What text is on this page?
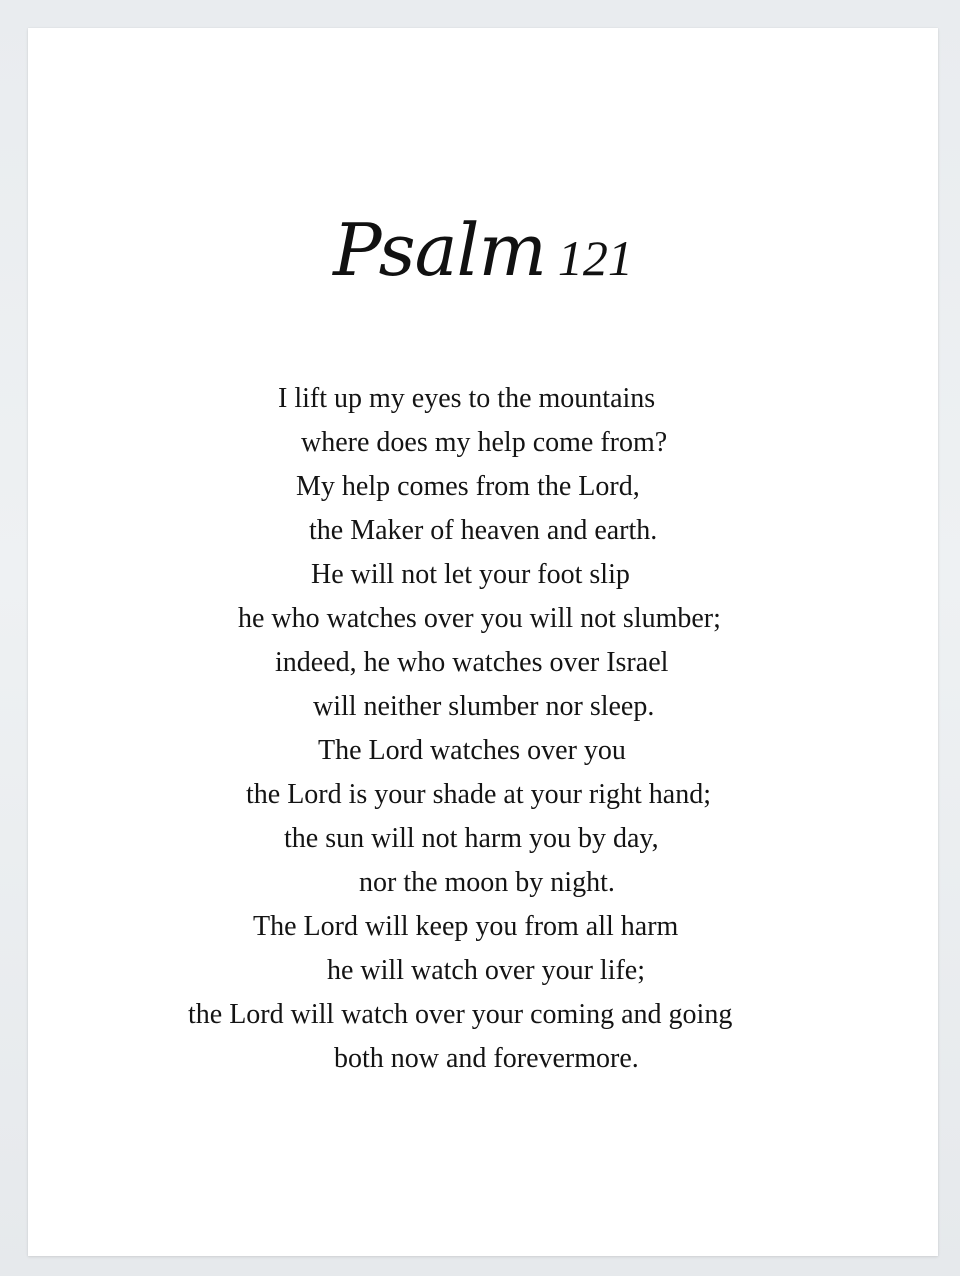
Psalm 121
I lift up my eyes to the mountains
where does my help come from?
My help comes from the Lord,
the Maker of heaven and earth.
He will not let your foot slip
he who watches over you will not slumber;
indeed, he who watches over Israel
will neither slumber nor sleep.
The Lord watches over you
the Lord is your shade at your right hand;
the sun will not harm you by day,
nor the moon by night.
The Lord will keep you from all harm
he will watch over your life;
the Lord will watch over your coming and going
both now and forevermore.
